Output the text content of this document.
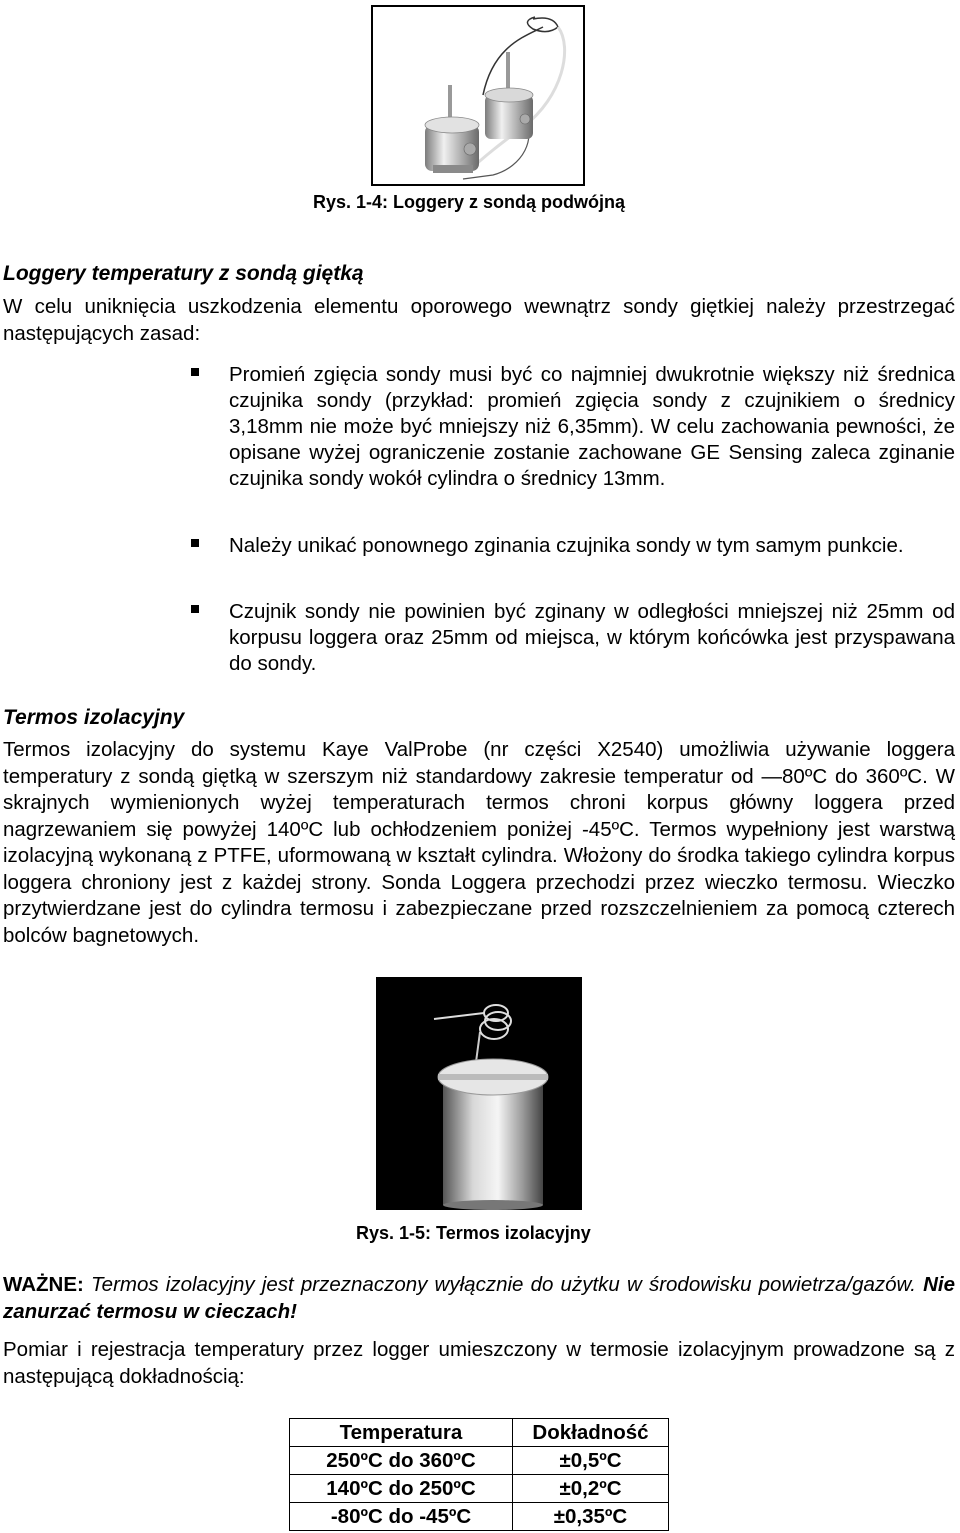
Rys. 1-4: Loggery z sondą podwójną
Loggery temperatury z sondą giętką

W celu uniknięcia uszkodzenia elementu oporowego wewnątrz sondy giętkiej należy przestrzegać następujących zasad:

Promień zgięcia sondy musi być co najmniej dwukrotnie większy niż średnica czujnika sondy (przykład: promień zgięcia sondy z czujnikiem o średnicy 3,18mm nie może być mniejszy niż 6,35mm). W celu zachowania pewności, że opisane wyżej ograniczenie zostanie zachowane GE Sensing zaleca zginanie czujnika sondy wokół cylindra o średnicy 13mm.
Należy unikać ponownego zginania czujnika sondy w tym samym punkcie.
Czujnik sondy nie powinien być zginany w odległości mniejszej niż 25mm od korpusu loggera oraz 25mm od miejsca, w którym końcówka jest przyspawana do sondy.
Termos izolacyjny

Termos izolacyjny do systemu Kaye ValProbe (nr części X2540) umożliwia używanie loggera temperatury z sondą giętką w szerszym niż standardowy zakresie temperatur od —80ºC do 360ºC. W skrajnych wymienionych wyżej temperaturach termos chroni korpus główny loggera przed nagrzewaniem się powyżej 140ºC lub ochłodzeniem poniżej -45ºC. Termos wypełniony jest warstwą izolacyjną wykonaną z PTFE, uformowaną w kształt cylindra. Włożony do środka takiego cylindra korpus loggera chroniony jest z każdej strony. Sonda Loggera przechodzi przez wieczko termosu. Wieczko przytwierdzane jest do cylindra termosu i zabezpieczane przed rozszczelnieniem za pomocą czterech bolców bagnetowych.

Rys. 1-5: Termos izolacyjny

WAŻNE: Termos izolacyjny jest przeznaczony wyłącznie do użytku w środowisku powietrza/gazów. Nie zanurzać termosu w cieczach!

Pomiar i rejestracja temperatury przez logger umieszczony w termosie izolacyjnym prowadzone są z następującą dokładnością:

Temperatura	Dokładność
250ºC do 360ºC	±0,5ºC
140ºC do 250ºC	±0,2ºC
-80ºC do -45ºC	±0,35ºC
